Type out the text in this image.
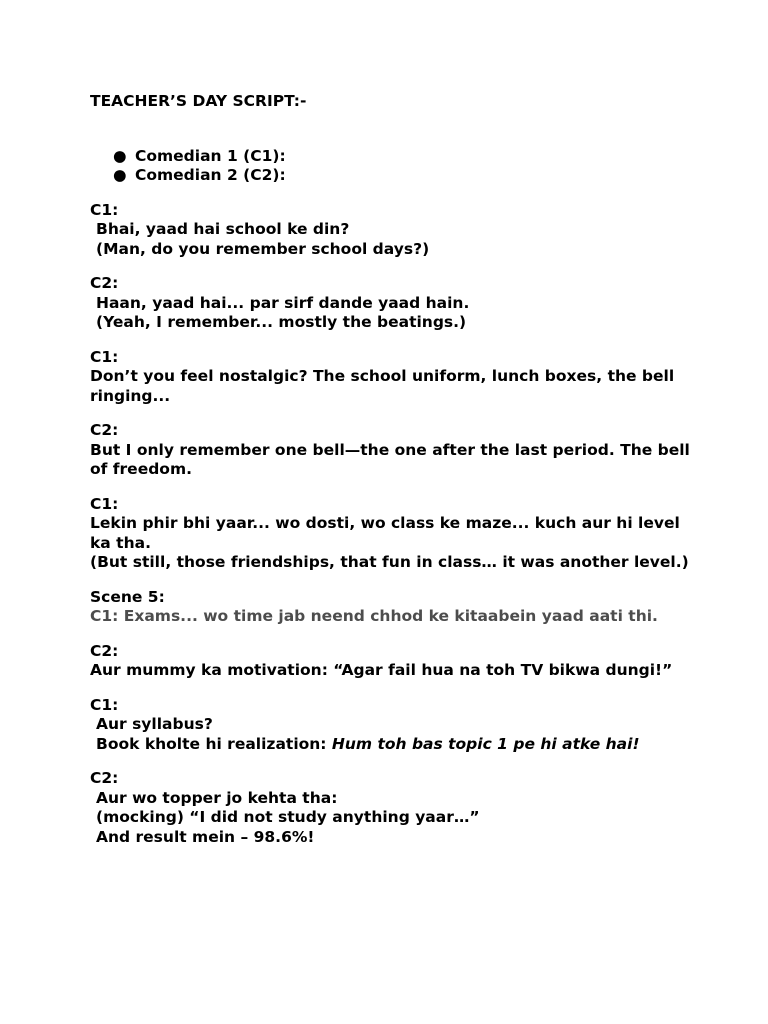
TEACHER’S DAY SCRIPT:-
● Comedian 1 (C1):
● Comedian 2 (C2):
C1:
Bhai, yaad hai school ke din?
(Man, do you remember school days?)
C2:
Haan, yaad hai... par sirf dande yaad hain.
(Yeah, I remember... mostly the beatings.)
C1:
Don’t you feel nostalgic? The school uniform, lunch boxes, the bell ringing...
C2:
But I only remember one bell—the one after the last period. The bell of freedom.
C1:
Lekin phir bhi yaar... wo dosti, wo class ke maze... kuch aur hi level ka tha.
(But still, those friendships, that fun in class… it was another level.)
Scene 5:
C1: Exams... wo time jab neend chhod ke kitaabein yaad aati thi.
C2:
Aur mummy ka motivation: “Agar fail hua na toh TV bikwa dungi!”
C1:
Aur syllabus?
Book kholte hi realization: Hum toh bas topic 1 pe hi atke hai!
C2:
Aur wo topper jo kehta tha:
(mocking) “I did not study anything yaar…”
And result mein – 98.6%!
